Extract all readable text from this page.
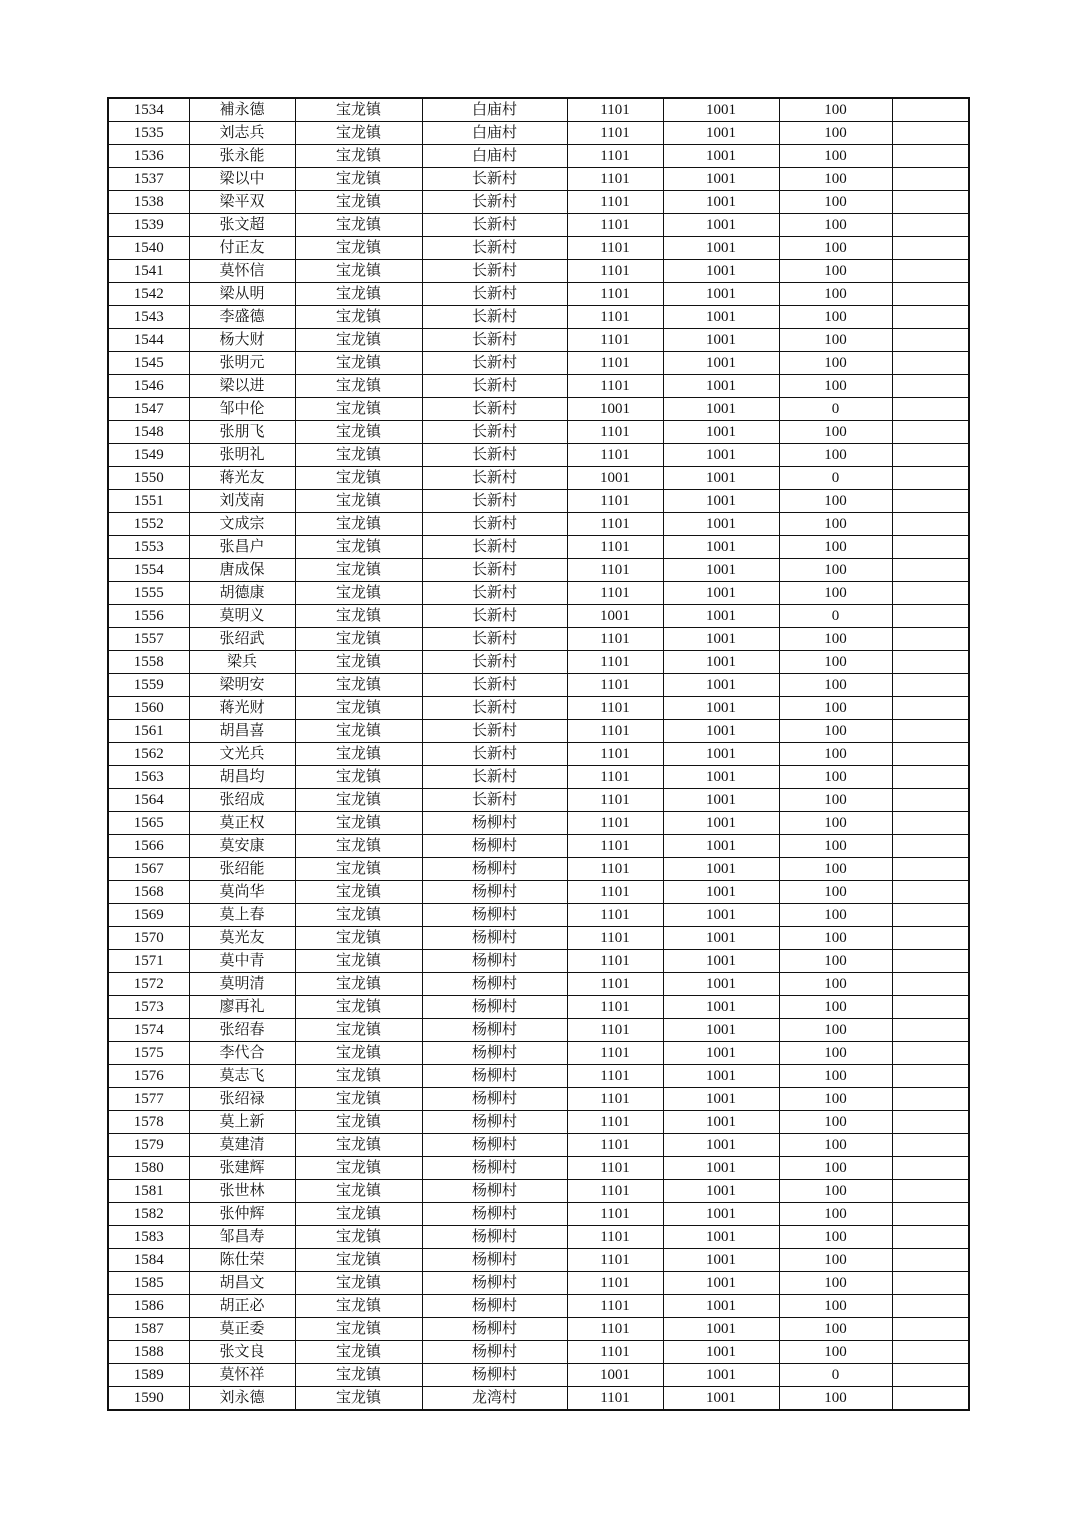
1534	補永德	宝龙镇	白庙村	1101	1001	100	
1535	刘志兵	宝龙镇	白庙村	1101	1001	100	
1536	张永能	宝龙镇	白庙村	1101	1001	100	
1537	梁以中	宝龙镇	长新村	1101	1001	100	
1538	梁平双	宝龙镇	长新村	1101	1001	100	
1539	张文超	宝龙镇	长新村	1101	1001	100	
1540	付正友	宝龙镇	长新村	1101	1001	100	
1541	莫怀信	宝龙镇	长新村	1101	1001	100	
1542	梁从明	宝龙镇	长新村	1101	1001	100	
1543	李盛德	宝龙镇	长新村	1101	1001	100	
1544	杨大财	宝龙镇	长新村	1101	1001	100	
1545	张明元	宝龙镇	长新村	1101	1001	100	
1546	梁以进	宝龙镇	长新村	1101	1001	100	
1547	邹中伦	宝龙镇	长新村	1001	1001	0	
1548	张朋飞	宝龙镇	长新村	1101	1001	100	
1549	张明礼	宝龙镇	长新村	1101	1001	100	
1550	蒋光友	宝龙镇	长新村	1001	1001	0	
1551	刘茂南	宝龙镇	长新村	1101	1001	100	
1552	文成宗	宝龙镇	长新村	1101	1001	100	
1553	张昌户	宝龙镇	长新村	1101	1001	100	
1554	唐成保	宝龙镇	长新村	1101	1001	100	
1555	胡德康	宝龙镇	长新村	1101	1001	100	
1556	莫明义	宝龙镇	长新村	1001	1001	0	
1557	张绍武	宝龙镇	长新村	1101	1001	100	
1558	梁兵	宝龙镇	长新村	1101	1001	100	
1559	梁明安	宝龙镇	长新村	1101	1001	100	
1560	蒋光财	宝龙镇	长新村	1101	1001	100	
1561	胡昌喜	宝龙镇	长新村	1101	1001	100	
1562	文光兵	宝龙镇	长新村	1101	1001	100	
1563	胡昌均	宝龙镇	长新村	1101	1001	100	
1564	张绍成	宝龙镇	长新村	1101	1001	100	
1565	莫正权	宝龙镇	杨柳村	1101	1001	100	
1566	莫安康	宝龙镇	杨柳村	1101	1001	100	
1567	张绍能	宝龙镇	杨柳村	1101	1001	100	
1568	莫尚华	宝龙镇	杨柳村	1101	1001	100	
1569	莫上春	宝龙镇	杨柳村	1101	1001	100	
1570	莫光友	宝龙镇	杨柳村	1101	1001	100	
1571	莫中青	宝龙镇	杨柳村	1101	1001	100	
1572	莫明清	宝龙镇	杨柳村	1101	1001	100	
1573	廖再礼	宝龙镇	杨柳村	1101	1001	100	
1574	张绍春	宝龙镇	杨柳村	1101	1001	100	
1575	李代合	宝龙镇	杨柳村	1101	1001	100	
1576	莫志飞	宝龙镇	杨柳村	1101	1001	100	
1577	张绍禄	宝龙镇	杨柳村	1101	1001	100	
1578	莫上新	宝龙镇	杨柳村	1101	1001	100	
1579	莫建清	宝龙镇	杨柳村	1101	1001	100	
1580	张建辉	宝龙镇	杨柳村	1101	1001	100	
1581	张世林	宝龙镇	杨柳村	1101	1001	100	
1582	张仲辉	宝龙镇	杨柳村	1101	1001	100	
1583	邹昌寿	宝龙镇	杨柳村	1101	1001	100	
1584	陈仕荣	宝龙镇	杨柳村	1101	1001	100	
1585	胡昌文	宝龙镇	杨柳村	1101	1001	100	
1586	胡正必	宝龙镇	杨柳村	1101	1001	100	
1587	莫正委	宝龙镇	杨柳村	1101	1001	100	
1588	张文良	宝龙镇	杨柳村	1101	1001	100	
1589	莫怀祥	宝龙镇	杨柳村	1001	1001	0	
1590	刘永德	宝龙镇	龙湾村	1101	1001	100	
